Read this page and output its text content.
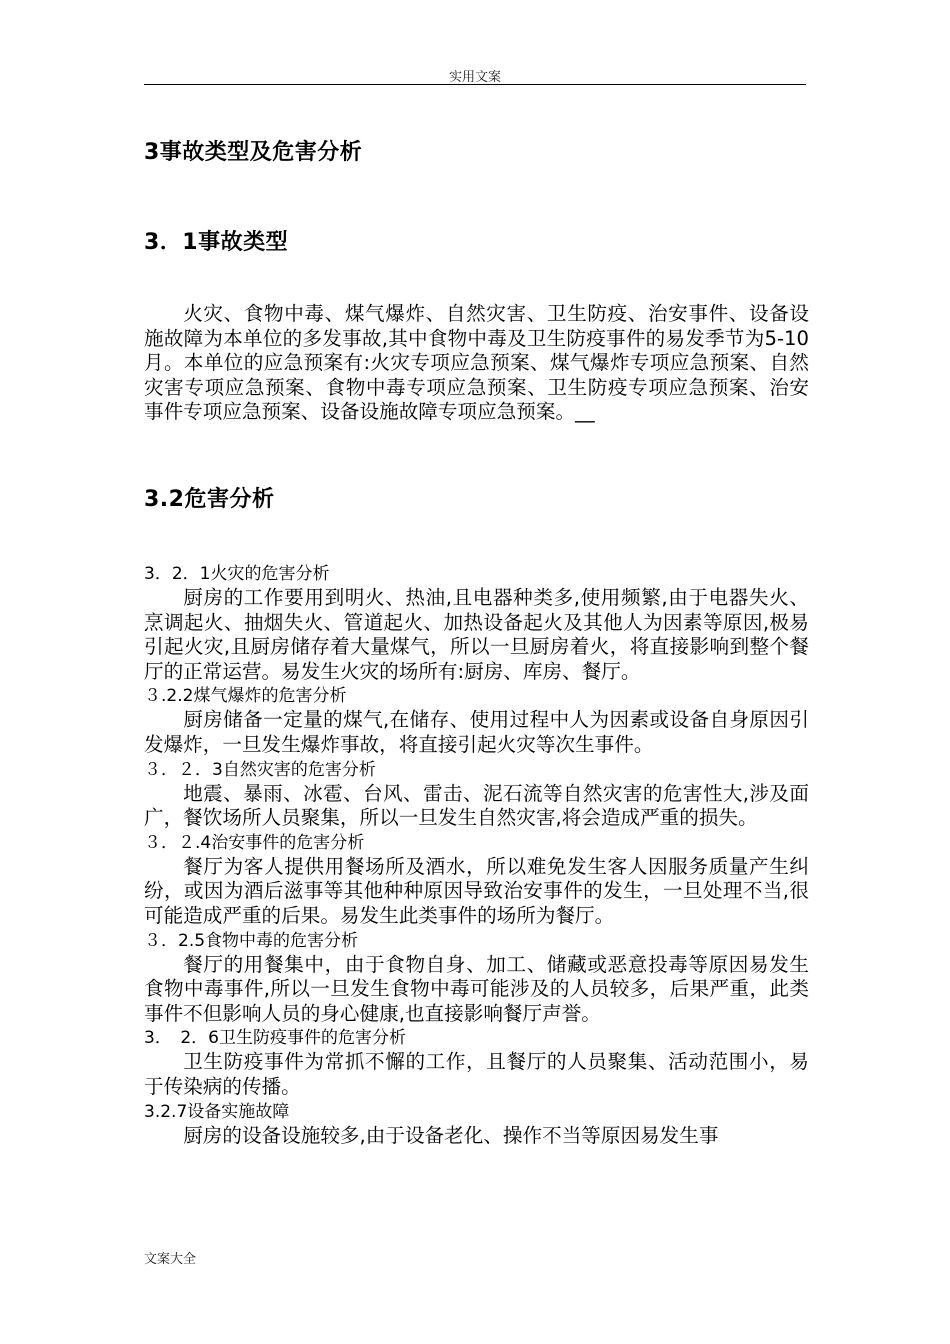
实用文案
3事故类型及危害分析
3．1事故类型

火灾、食物中毒、煤气爆炸、自然灾害、卫生防疫、治安事件、设备设施故障为本单位的多发事故,其中食物中毒及卫生防疫事件的易发季节为5-10月。本单位的应急预案有:火灾专项应急预案、煤气爆炸专项应急预案、自然灾害专项应急预案、食物中毒专项应急预案、卫生防疫专项应急预案、治安事件专项应急预案、设备设施故障专项应急预案。__

3.2危害分析

3．2．1火灾的危害分析

厨房的工作要用到明火、热油,且电器种类多,使用频繁,由于电器失火、烹调起火、抽烟失火、管道起火、加热设备起火及其他人为因素等原因,极易引起火灾,且厨房储存着大量煤气，所以一旦厨房着火，将直接影响到整个餐厅的正常运营。易发生火灾的场所有:厨房、库房、餐厅。

３.2.2煤气爆炸的危害分析

厨房储备一定量的煤气,在储存、使用过程中人为因素或设备自身原因引发爆炸，一旦发生爆炸事故，将直接引起火灾等次生事件。

３．２．3自然灾害的危害分析

地震、暴雨、冰雹、台风、雷击、泥石流等自然灾害的危害性大,涉及面广，餐饮场所人员聚集，所以一旦发生自然灾害,将会造成严重的损失。

３．２.4治安事件的危害分析

餐厅为客人提供用餐场所及酒水，所以难免发生客人因服务质量产生纠纷，或因为酒后滋事等其他种种原因导致治安事件的发生，一旦处理不当,很可能造成严重的后果。易发生此类事件的场所为餐厅。

３．2.5食物中毒的危害分析

餐厅的用餐集中，由于食物自身、加工、储藏或恶意投毒等原因易发生食物中毒事件,所以一旦发生食物中毒可能涉及的人员较多，后果严重，此类事件不但影响人员的身心健康,也直接影响餐厅声誉。

3．　2．6卫生防疫事件的危害分析

卫生防疫事件为常抓不懈的工作，且餐厅的人员聚集、活动范围小，易于传染病的传播。

3.2.7设备实施故障

厨房的设备设施较多,由于设备老化、操作不当等原因易发生事

文案大全
